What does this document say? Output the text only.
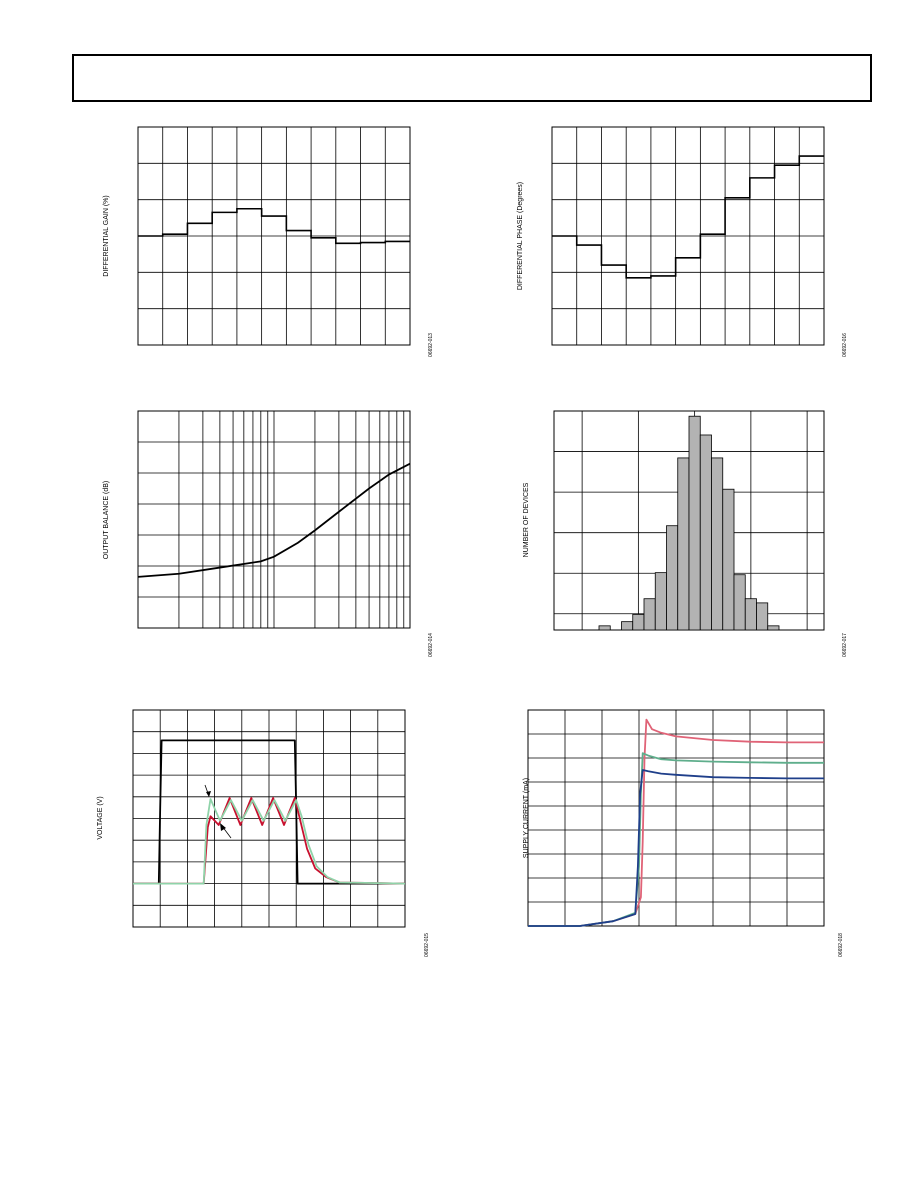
DIFFERENTIAL GAIN (%)
06692-013
DIFFERENTIAL PHASE (Degrees)
06692-016
OUTPUT BALANCE (dB)
06692-014
NUMBER OF DEVICES
06692-017
VOLTAGE (V)
06692-015
SUPPLY CURRENT (mA)
06692-018
